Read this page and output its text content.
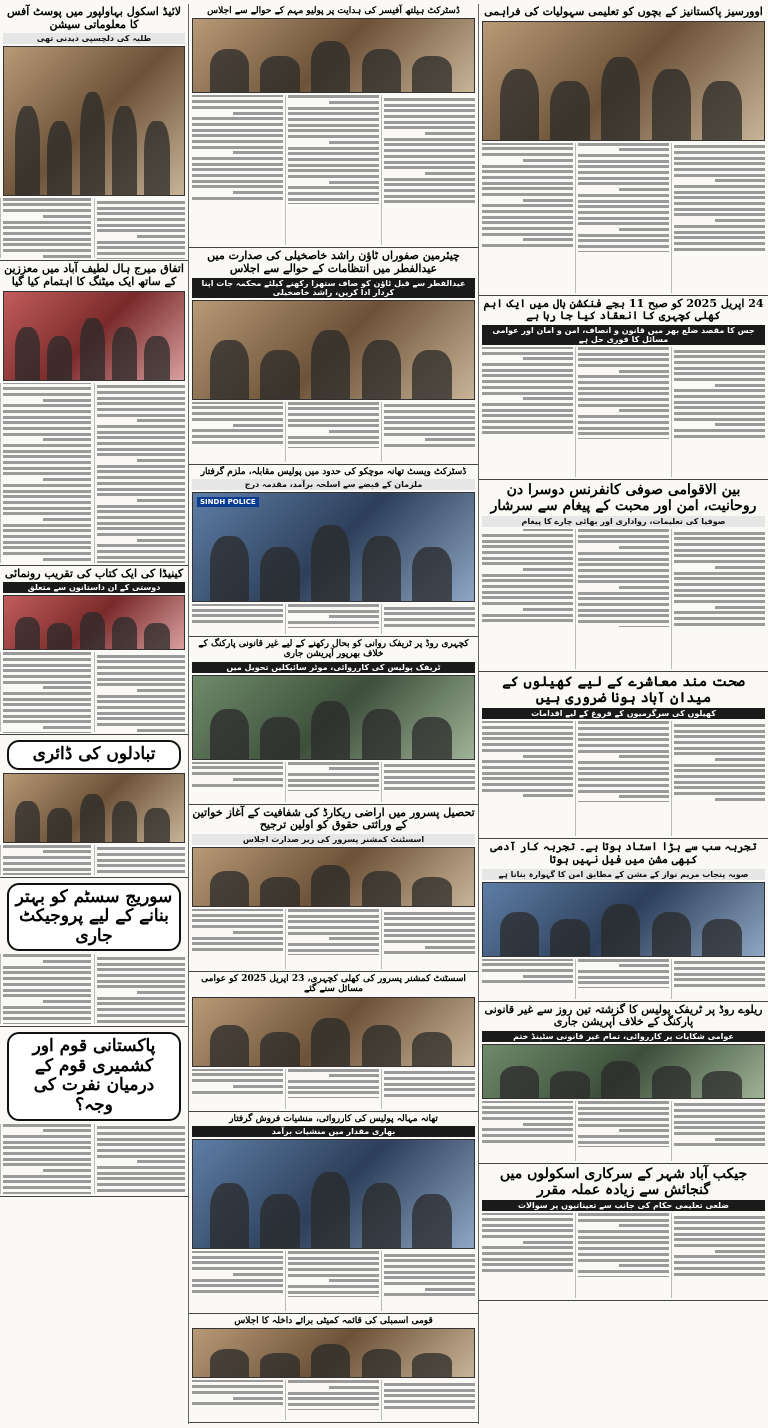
اوورسیز پاکستانیز کے بچوں کو تعلیمی سہولیات کی فراہمی
24 اپریل 2025 کو صبح 11 بجے فنکشن ہال میں ایک اہم کھلی کچہری کا انعقاد کیا جا رہا ہے
جس کا مقصد ضلع بھر میں قانون و انصاف، امن و امان اور عوامی مسائل کا فوری حل ہے
بین الاقوامی صوفی کانفرنس دوسرا دن روحانیت، امن اور محبت کے پیغام سے سرشار
صوفیا کی تعلیمات، رواداری اور بھائی چارے کا پیغام
صحت مند معاشرے کے لیے کھیلوں کے میدان آباد ہونا ضروری ہیں
کھیلوں کی سرگرمیوں کے فروغ کے لیے اقدامات
تجربہ سب سے بڑا استاد ہوتا ہے۔ تجربہ کار آدمی کبھی مشن میں فیل نہیں ہوتا
صوبہ پنجاب مریم نواز کے مشن کے مطابق امن کا گہوارہ بنانا ہے
ریلوے روڈ پر ٹریفک پولیس کا گزشتہ تین روز سے غیر قانونی پارکنگ کے خلاف آپریشن جاری
عوامی شکایات پر کارروائی، تمام غیر قانونی سٹینڈ ختم
جیکب آباد شہر کے سرکاری اسکولوں میں گنجائش سے زیادہ عملہ مقرر
ضلعی تعلیمی حکام کی جانب سے تعیناتیوں پر سوالات
ڈسٹرکٹ ہیلتھ آفیسر کی ہدایت پر پولیو مہم کے حوالے سے اجلاس
چیئرمین صفوراں ٹاؤن راشد خاصخیلی کی صدارت میں عیدالفطر میں انتظامات کے حوالے سے اجلاس
عیدالفطر سے قبل ٹاؤن کو صاف ستھرا رکھنے کیلئے محکمہ جات اپنا کردار ادا کریں، راشد خاصخیلی
ڈسٹرکٹ ویسٹ تھانہ موچکو کی حدود میں پولیس مقابلہ، ملزم گرفتار
ملزمان کے قبضے سے اسلحہ برآمد، مقدمہ درج
SINDH POLICE
کچہری روڈ پر ٹریفک روانی کو بحال رکھنے کے لیے غیر قانونی پارکنگ کے خلاف بھرپور آپریشن جاری
ٹریفک پولیس کی کارروائی، موٹر سائیکلیں تحویل میں
تحصیل پسرور میں اراضی ریکارڈ کی شفافیت کے آغاز خواتین کے وراثتی حقوق کو اولین ترجیح
اسسٹنٹ کمشنر پسرور کی زیر صدارت اجلاس
اسسٹنٹ کمشنر پسرور کی کھلی کچہری، 23 اپریل 2025 کو عوامی مسائل سنے گئے
تھانہ مہالہ پولیس کی کارروائی، منشیات فروش گرفتار
بھاری مقدار میں منشیات برآمد
قومی اسمبلی کی قائمہ کمیٹی برائے داخلہ کا اجلاس
لائیڈ اسکول بہاولپور میں پوسٹ آفس کا معلوماتی سیشن
طلبہ کی دلچسپی دیدنی تھی
اتفاق میرج ہال لطیف آباد میں معززین کے ساتھ ایک میٹنگ کا اہتمام کیا گیا
کینیڈا کی ایک کتاب کی تقریب رونمائی
دوستی کے ان داستانوں سے متعلق
تبادلوں کی ڈائری
سوریج سسٹم کو بہتر بنانے کے لیے پروجیکٹ جاری
پاکستانی قوم اور کشمیری قوم کے درمیان نفرت کی وجہ؟
